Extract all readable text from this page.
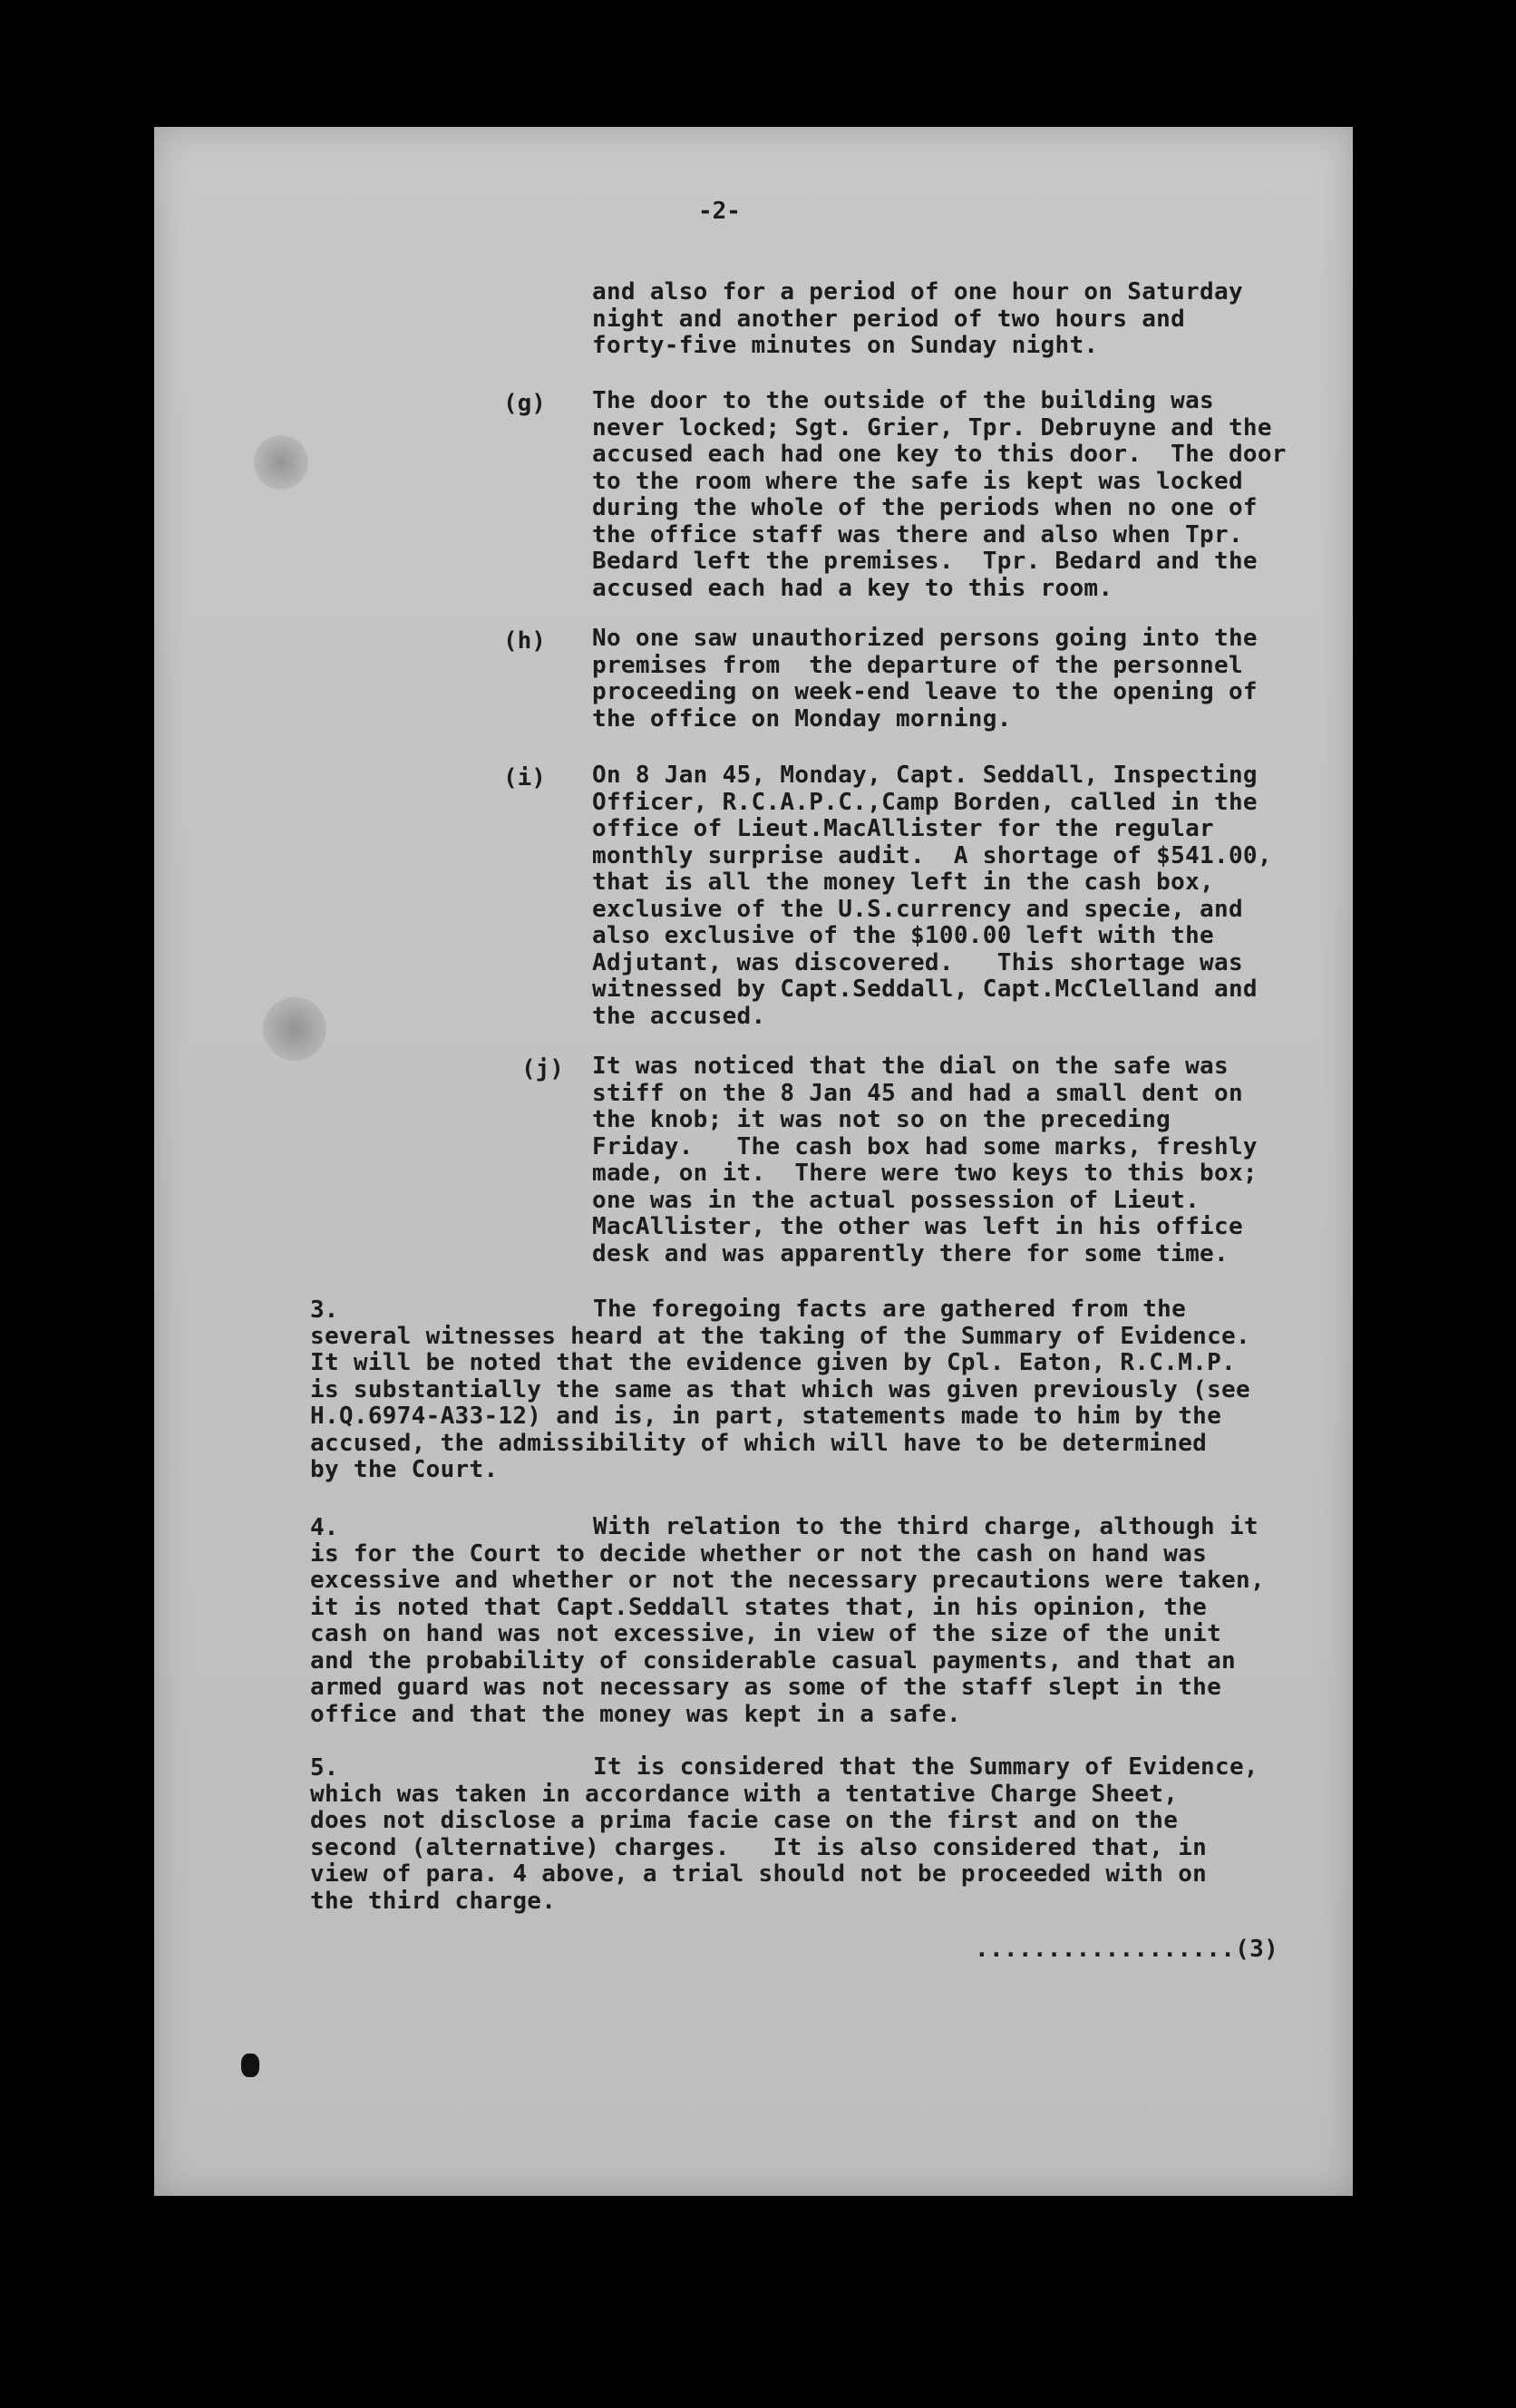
-2-
and also for a period of one hour on Saturday
night and another period of two hours and
forty-five minutes on Sunday night.
(g) The door to the outside of the building was
never locked; Sgt. Grier, Tpr. Debruyne and the
accused each had one key to this door.  The door
to the room where the safe is kept was locked
during the whole of the periods when no one of
the office staff was there and also when Tpr.
Bedard left the premises.  Tpr. Bedard and the
accused each had a key to this room.
(h) No one saw unauthorized persons going into the
premises from  the departure of the personnel
proceeding on week-end leave to the opening of
the office on Monday morning.
(i) On 8 Jan 45, Monday, Capt. Seddall, Inspecting
Officer, R.C.A.P.C.,Camp Borden, called in the
office of Lieut.MacAllister for the regular
monthly surprise audit.  A shortage of $541.00,
that is all the money left in the cash box,
exclusive of the U.S.currency and specie, and
also exclusive of the $100.00 left with the
Adjutant, was discovered.   This shortage was
witnessed by Capt.Seddall, Capt.McClelland and
the accused.
(j) It was noticed that the dial on the safe was
stiff on the 8 Jan 45 and had a small dent on
the knob; it was not so on the preceding
Friday.   The cash box had some marks, freshly
made, on it.  There were two keys to this box;
one was in the actual possession of Lieut.
MacAllister, the other was left in his office
desk and was apparently there for some time.
3.	The foregoing facts are gathered from the
several witnesses heard at the taking of the Summary of Evidence.
It will be noted that the evidence given by Cpl. Eaton, R.C.M.P.
is substantially the same as that which was given previously (see
H.Q.6974-A33-12) and is, in part, statements made to him by the
accused, the admissibility of which will have to be determined
by the Court.
4.	With relation to the third charge, although it
is for the Court to decide whether or not the cash on hand was
excessive and whether or not the necessary precautions were taken,
it is noted that Capt.Seddall states that, in his opinion, the
cash on hand was not excessive, in view of the size of the unit
and the probability of considerable casual payments, and that an
armed guard was not necessary as some of the staff slept in the
office and that the money was kept in a safe.
5.	It is considered that the Summary of Evidence,
which was taken in accordance with a tentative Charge Sheet,
does not disclose a prima facie case on the first and on the
second (alternative) charges.   It is also considered that, in
view of para. 4 above, a trial should not be proceeded with on
the third charge.
..................(3)
